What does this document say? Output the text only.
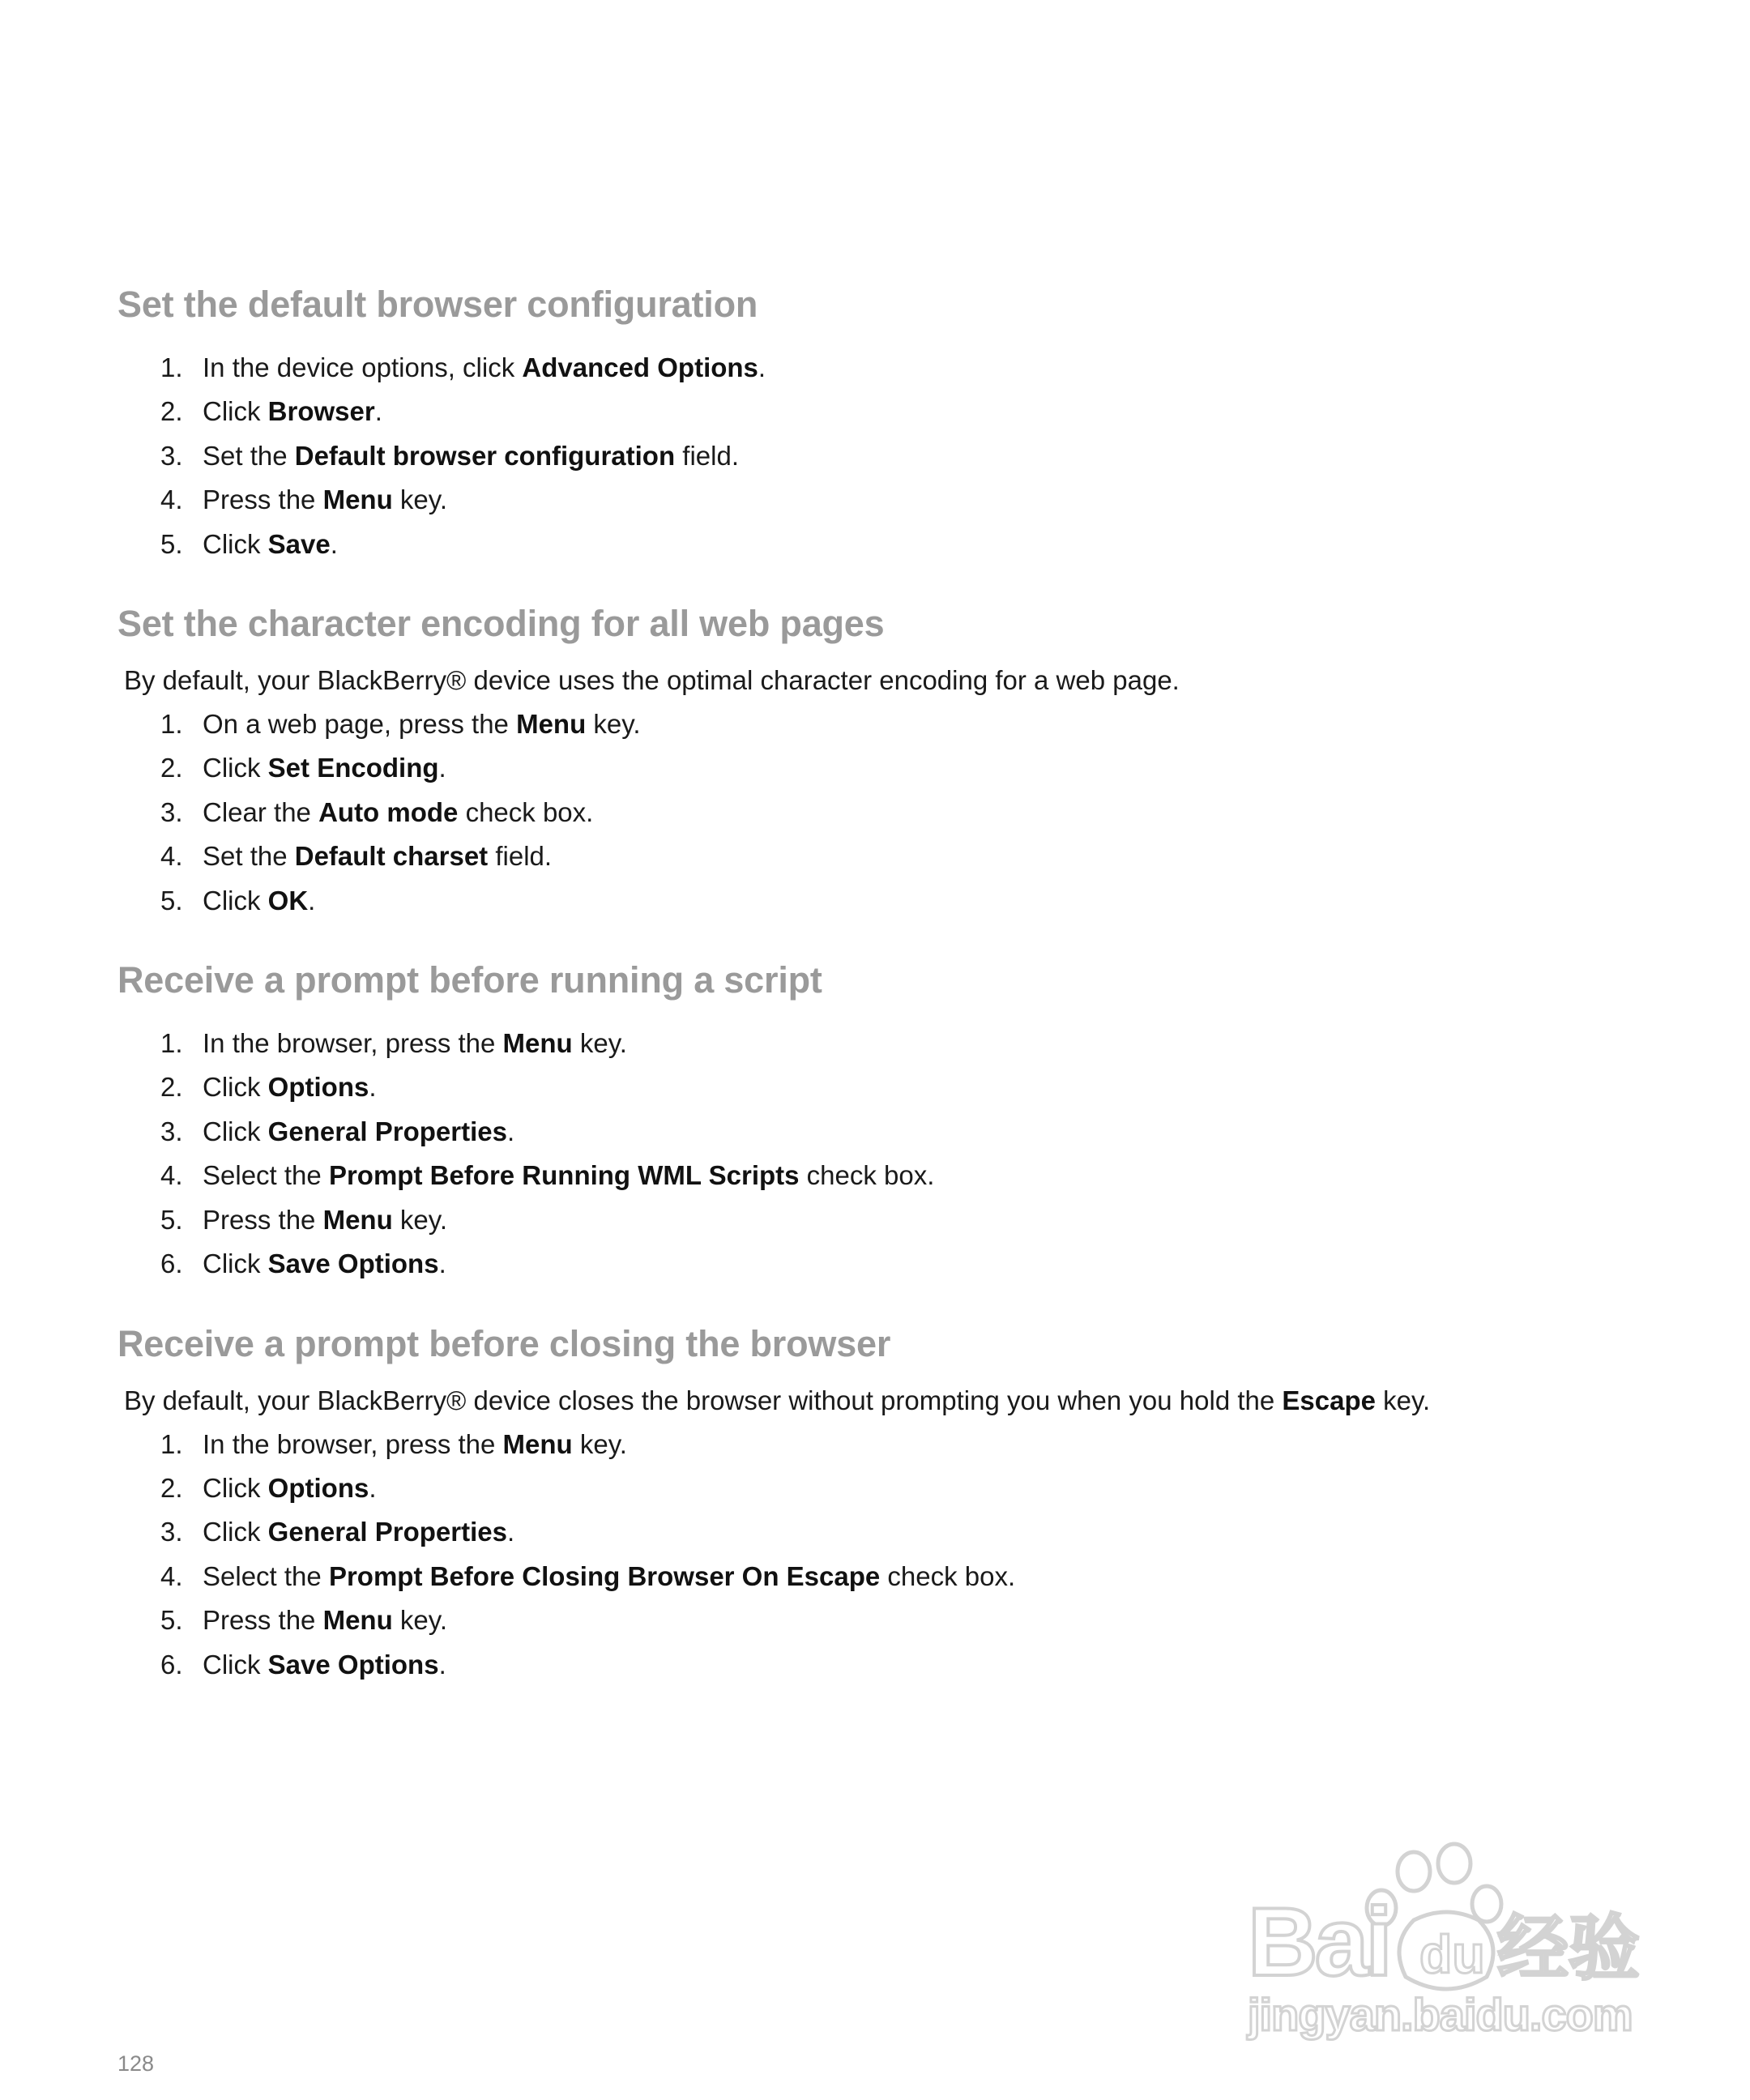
Set the default browser configuration
1. In the device options, click Advanced Options.
2. Click Browser.
3. Set the Default browser configuration field.
4. Press the Menu key.
5. Click Save.
Set the character encoding for all web pages

By default, your BlackBerry® device uses the optimal character encoding for a web page.

1. On a web page, press the Menu key.
2. Click Set Encoding.
3. Clear the Auto mode check box.
4. Set the Default charset field.
5. Click OK.
Receive a prompt before running a script
1. In the browser, press the Menu key.
2. Click Options.
3. Click General Properties.
4. Select the Prompt Before Running WML Scripts check box.
5. Press the Menu key.
6. Click Save Options.
Receive a prompt before closing the browser

By default, your BlackBerry® device closes the browser without prompting you when you hold the Escape key.

1. In the browser, press the Menu key.
2. Click Options.
3. Click General Properties.
4. Select the Prompt Before Closing Browser On Escape check box.
5. Press the Menu key.
6. Click Save Options.
Bai du 经验
jingyan.baidu.com
128
